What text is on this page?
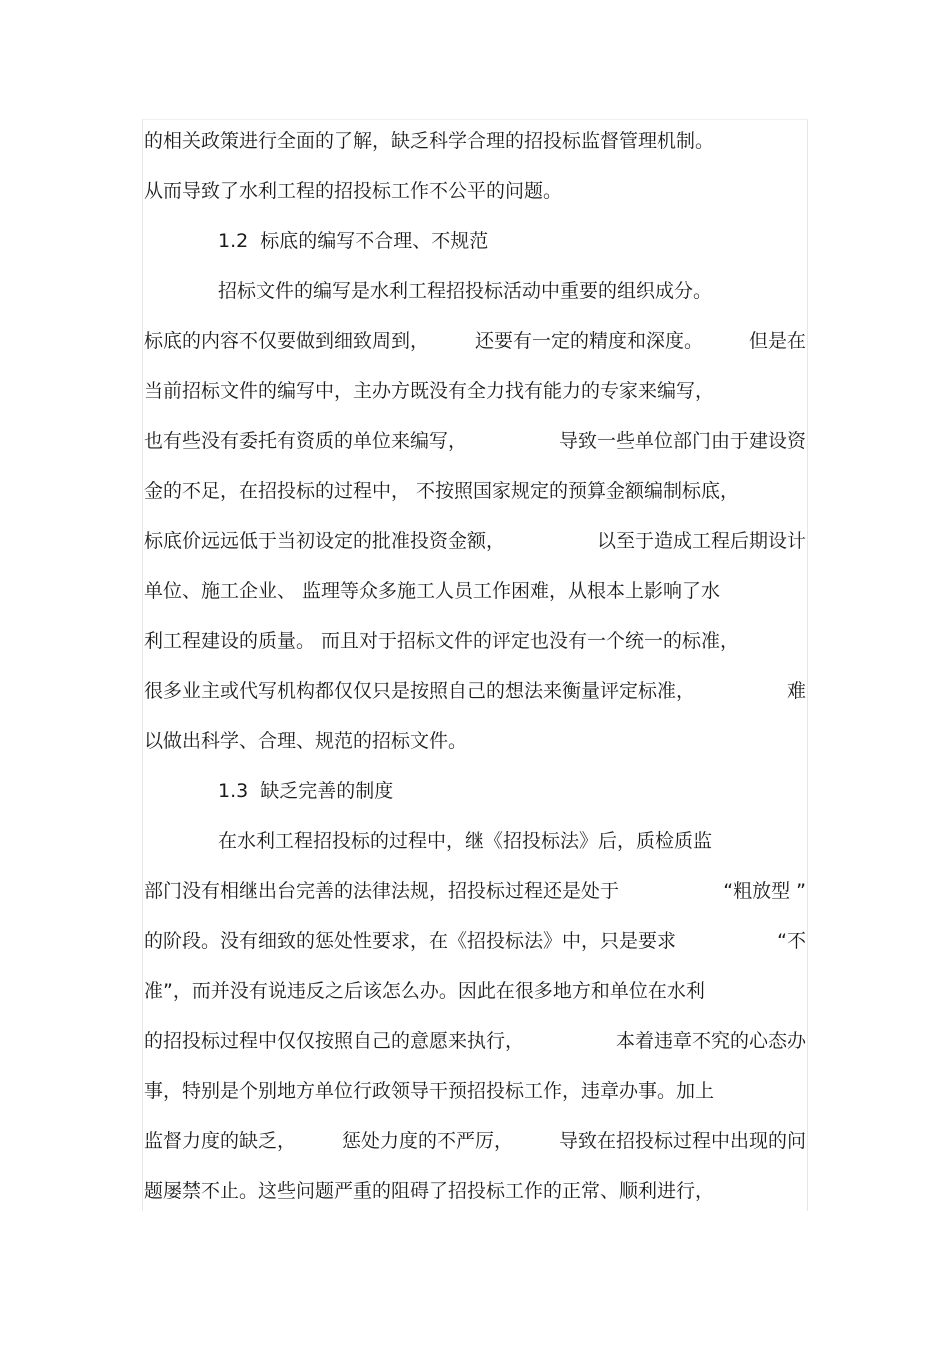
的相关政策进行全面的了解，缺乏科学合理的招投标监督管理机制。
从而导致了水利工程的招投标工作不公平的问题。
1.2  标底的编写不合理、不规范
招标文件的编写是水利工程招投标活动中重要的组织成分。
标底的内容不仅要做到细致周到， 还要有一定的精度和深度。 但是在
当前招标文件的编写中，主办方既没有全力找有能力的专家来编写，
也有些没有委托有资质的单位来编写，	导致一些单位部门由于建设资
金的不足，在招投标的过程中， 不按照国家规定的预算金额编制标底，
标底价远远低于当初设定的批准投资金额，	以至于造成工程后期设计
单位、施工企业、 监理等众多施工人员工作困难，从根本上影响了水
利工程建设的质量。 而且对于招标文件的评定也没有一个统一的标准，
很多业主或代写机构都仅仅只是按照自己的想法来衡量评定标准，	难
以做出科学、合理、规范的招标文件。
1.3  缺乏完善的制度
在水利工程招投标的过程中，继《招投标法》后，质检质监
部门没有相继出台完善的法律法规，招投标过程还是处于	“粗放型 ”
的阶段。没有细致的惩处性要求，在《招投标法》中，只是要求	“不
准”，而并没有说违反之后该怎么办。因此在很多地方和单位在水利
的招投标过程中仅仅按照自己的意愿来执行，	本着违章不究的心态办
事，特别是个别地方单位行政领导干预招投标工作，违章办事。加上
监督力度的缺乏， 惩处力度的不严厉， 导致在招投标过程中出现的问
题屡禁不止。这些问题严重的阻碍了招投标工作的正常、顺利进行，
